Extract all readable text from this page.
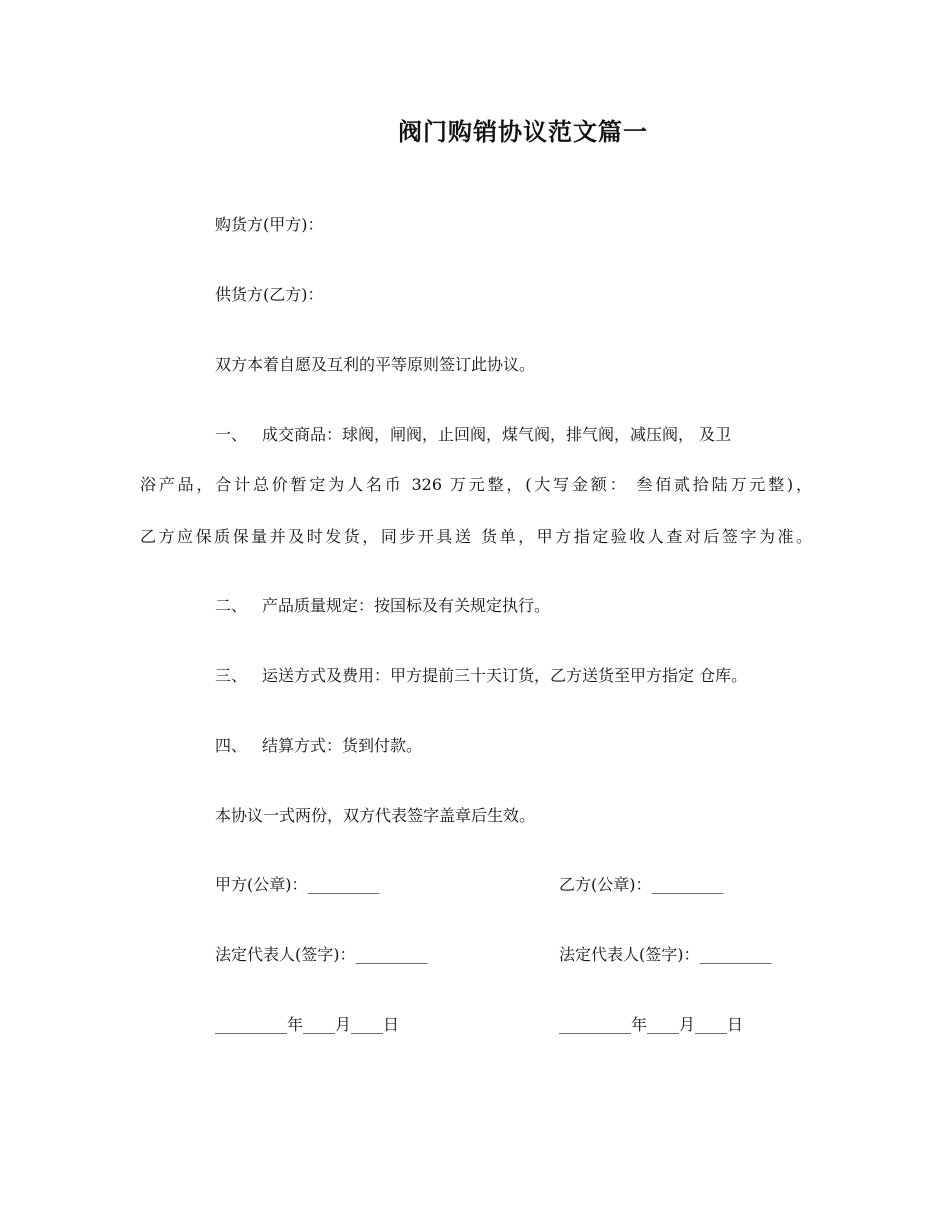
阀门购销协议范文篇一
购货方(甲方)：
供货方(乙方)：
双方本着自愿及互利的平等原则签订此协议。
一、 成交商品：球阀，闸阀，止回阀，煤气阀，排气阀，减压阀， 及卫
浴产品，合计总价暂定为人名币 326 万元整，(大写金额： 叁佰贰拾陆万元整)，
乙方应保质保量并及时发货，同步开具送 货单，甲方指定验收人查对后签字为准。
二、 产品质量规定：按国标及有关规定执行。
三、 运送方式及费用：甲方提前三十天订货，乙方送货至甲方指定 仓库。
四、 结算方式：货到付款。
本协议一式两份，双方代表签字盖章后生效。
甲方(公章)：_________	乙方(公章)：_________
法定代表人(签字)：_________	法定代表人(签字)：_________
_________年____月____日	_________年____月____日
